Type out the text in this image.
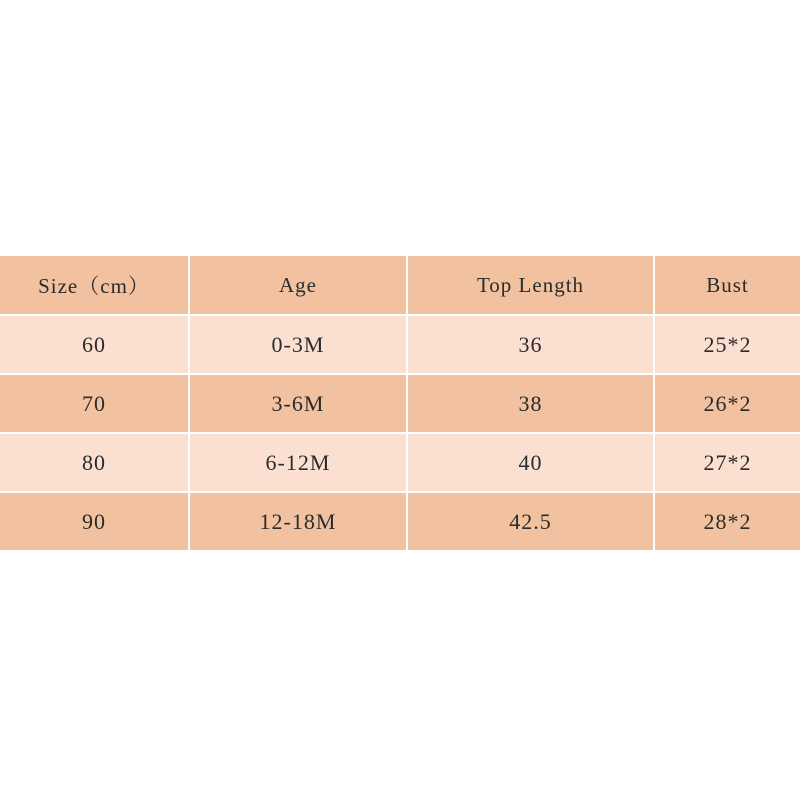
Size（cm）	Age	Top Length	Bust
60	0-3M	36	25*2
70	3-6M	38	26*2
80	6-12M	40	27*2
90	12-18M	42.5	28*2
